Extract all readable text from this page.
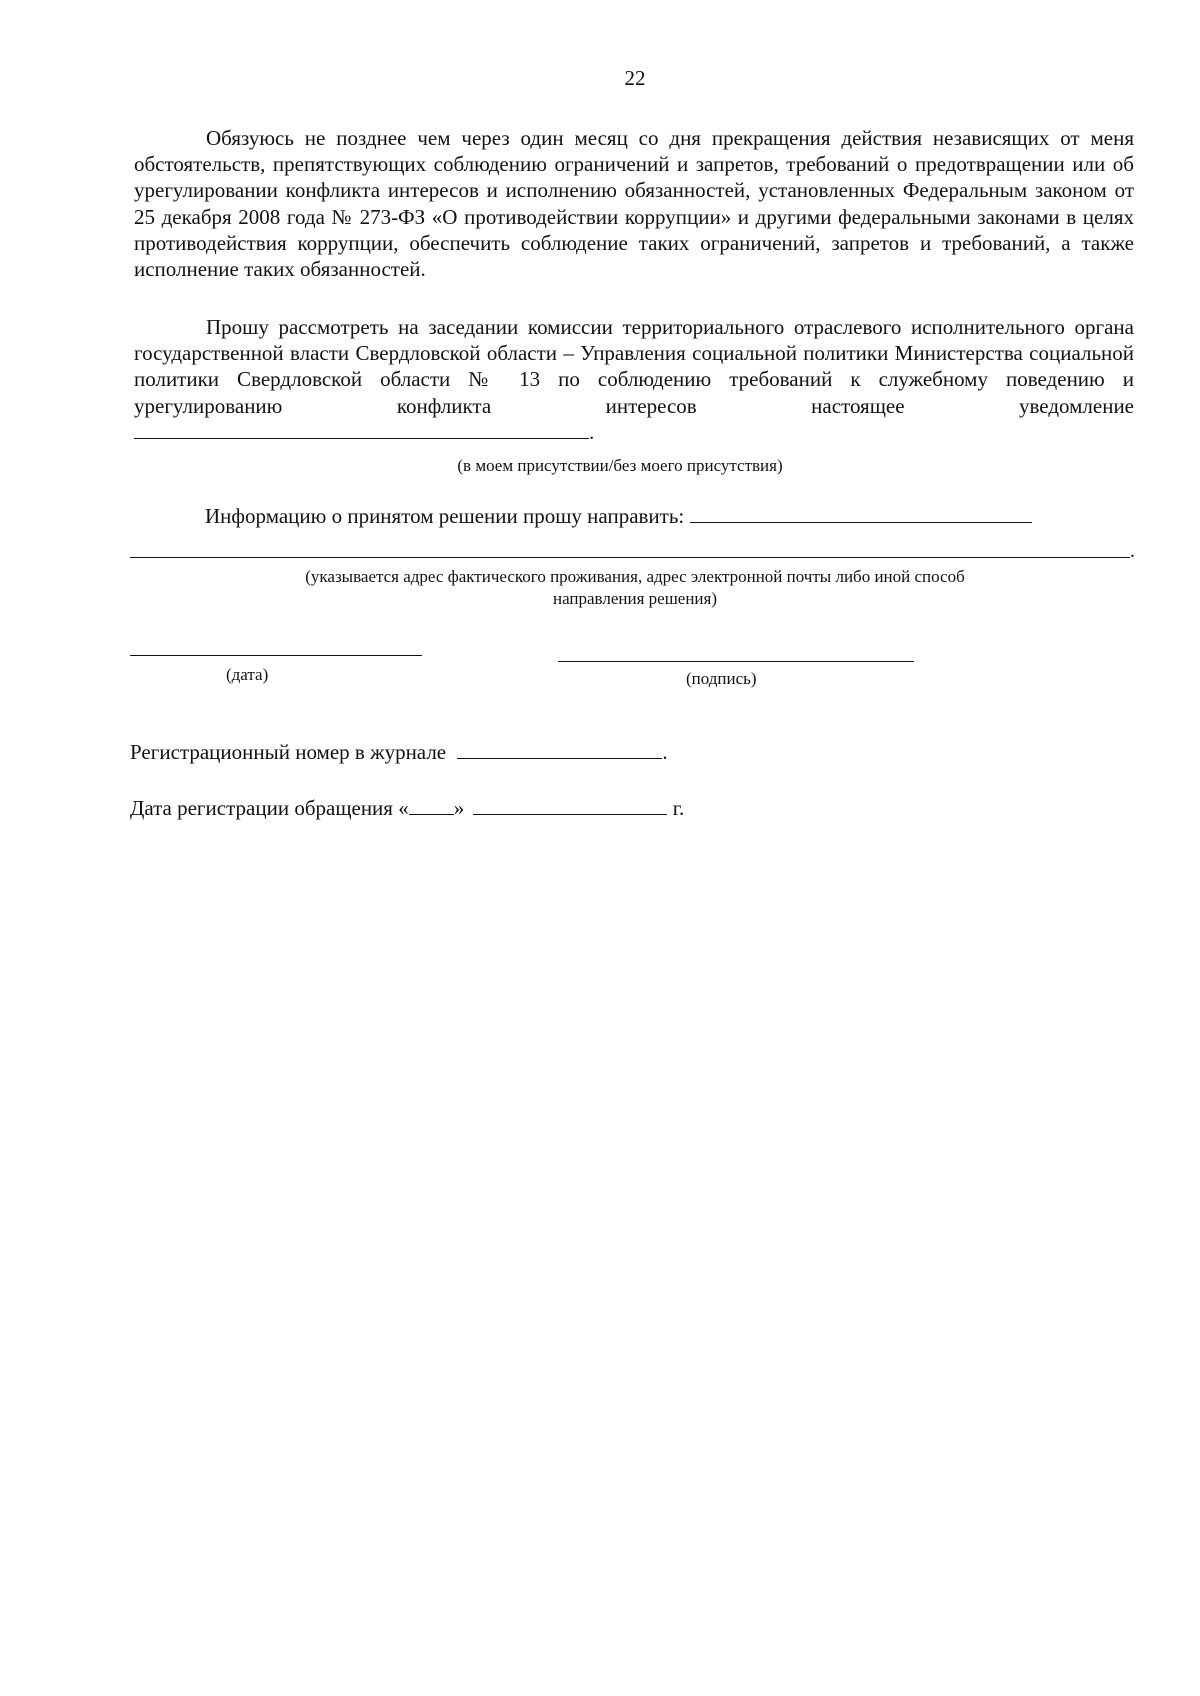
22
Обязуюсь не позднее чем через один месяц со дня прекращения действия независящих от меня обстоятельств, препятствующих соблюдению ограничений и запретов, требований о предотвращении или об урегулировании конфликта интересов и исполнению обязанностей, установленных Федеральным законом от 25 декабря 2008 года № 273-ФЗ «О противодействии коррупции» и другими федеральными законами в целях противодействия коррупции, обеспечить соблюдение таких ограничений, запретов и требований, а также исполнение таких обязанностей.
Прошу рассмотреть на заседании комиссии территориального отраслевого исполнительного органа государственной власти Свердловской области – Управления социальной политики Министерства социальной политики Свердловской области № 13 по соблюдению требований к служебному поведению и урегулированию конфликта интересов настоящее уведомление .
(в моем присутствии/без моего присутствия)
Информацию о принятом решении прошу направить:
.
(указывается адрес фактического проживания, адрес электронной почты либо иной способ направления решения)
(дата)	(подпись)
Регистрационный номер в журнале	.
Дата регистрации обращения « »	г.
